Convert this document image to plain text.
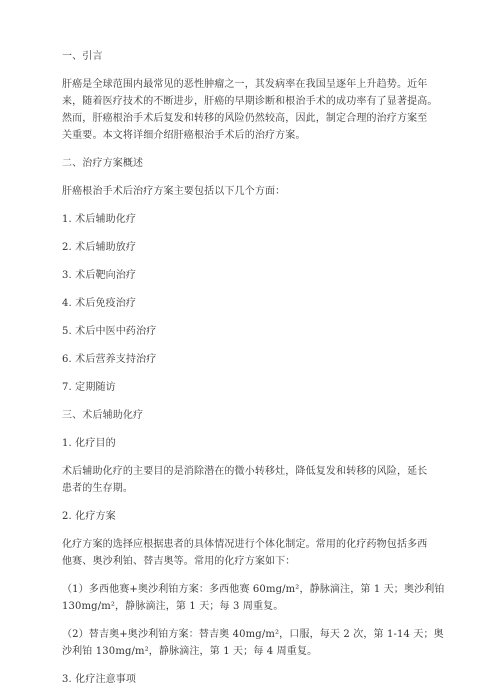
一、引言
肝癌是全球范围内最常见的恶性肿瘤之一，其发病率在我国呈逐年上升趋势。近年
来，随着医疗技术的不断进步，肝癌的早期诊断和根治手术的成功率有了显著提高。
然而，肝癌根治手术后复发和转移的风险仍然较高，因此，制定合理的治疗方案至
关重要。本文将详细介绍肝癌根治手术后的治疗方案。
二、治疗方案概述
肝癌根治手术后治疗方案主要包括以下几个方面：
1. 术后辅助化疗
2. 术后辅助放疗
3. 术后靶向治疗
4. 术后免疫治疗
5. 术后中医中药治疗
6. 术后营养支持治疗
7. 定期随访
三、术后辅助化疗
1. 化疗目的
术后辅助化疗的主要目的是消除潜在的微小转移灶，降低复发和转移的风险，延长
患者的生存期。
2. 化疗方案
化疗方案的选择应根据患者的具体情况进行个体化制定。常用的化疗药物包括多西
他赛、奥沙利铂、替吉奥等。常用的化疗方案如下：
（1）多西他赛+奥沙利铂方案：多西他赛 60mg/m²，静脉滴注，第 1 天；奥沙利铂
130mg/m²，静脉滴注，第 1 天；每 3 周重复。
（2）替吉奥+奥沙利铂方案：替吉奥 40mg/m²，口服，每天 2 次，第 1-14 天；奥
沙利铂 130mg/m²，静脉滴注，第 1 天；每 4 周重复。
3. 化疗注意事项
